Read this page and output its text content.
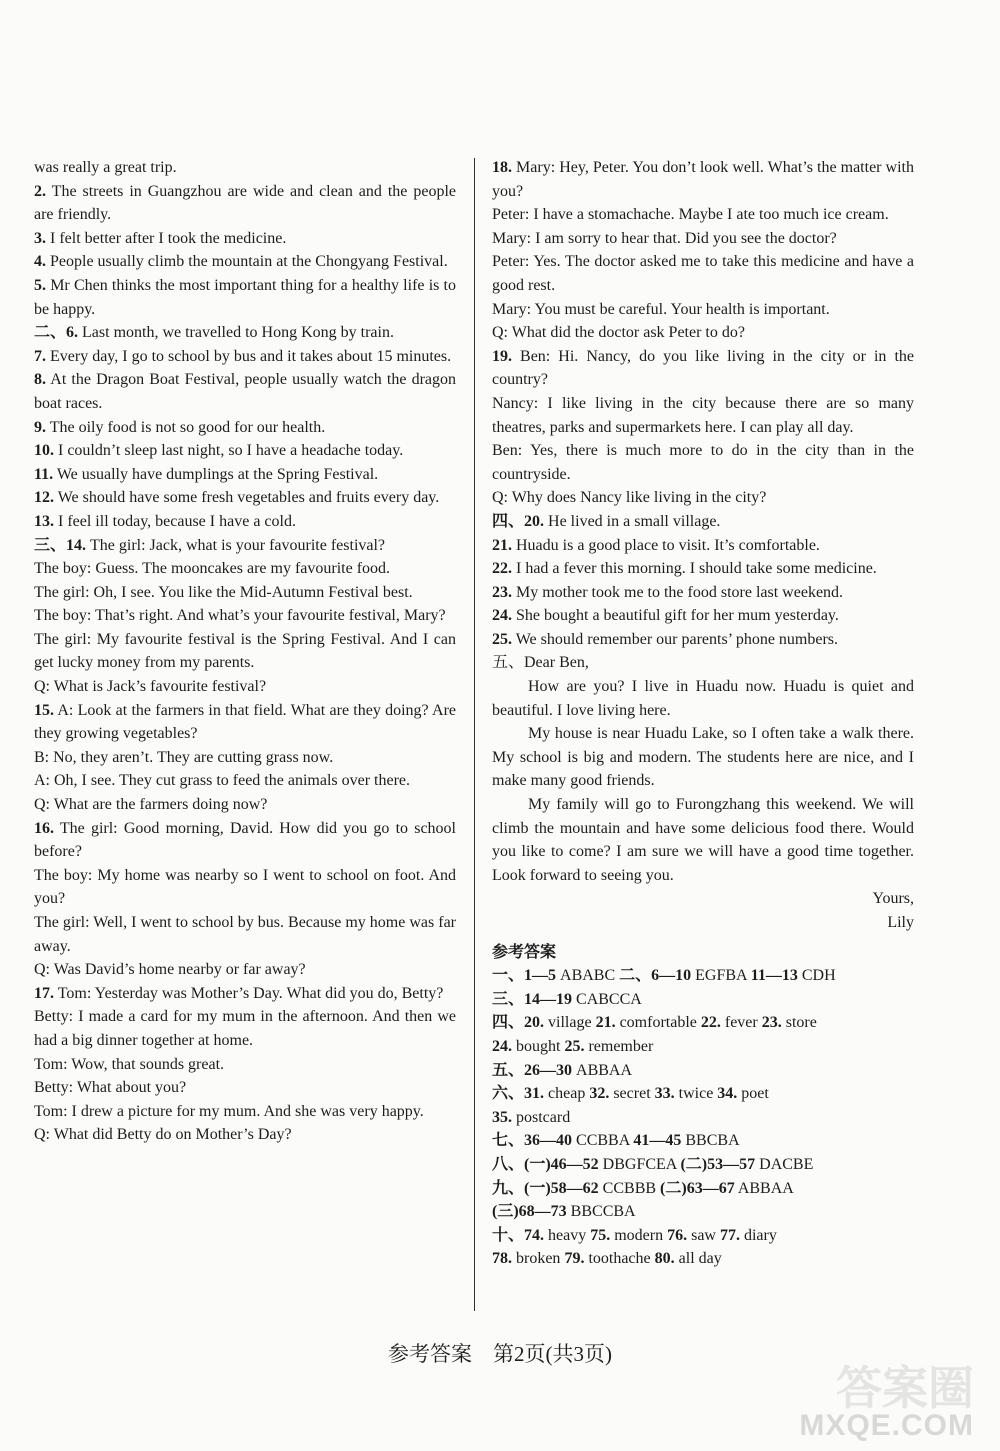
was really a great trip.
2. The streets in Guangzhou are wide and clean and the people are friendly.
3. I felt better after I took the medicine.
4. People usually climb the mountain at the Chongyang Festival.
5. Mr Chen thinks the most important thing for a healthy life is to be happy.
二、6. Last month, we travelled to Hong Kong by train.
7. Every day, I go to school by bus and it takes about 15 minutes.
8. At the Dragon Boat Festival, people usually watch the dragon boat races.
9. The oily food is not so good for our health.
10. I couldn’t sleep last night, so I have a headache today.
11. We usually have dumplings at the Spring Festival.
12. We should have some fresh vegetables and fruits every day.
13. I feel ill today, because I have a cold.
三、14. The girl: Jack, what is your favourite festival?
The boy: Guess. The mooncakes are my favourite food.
The girl: Oh, I see. You like the Mid-Autumn Festival best.
The boy: That’s right. And what’s your favourite festival, Mary?
The girl: My favourite festival is the Spring Festival. And I can get lucky money from my parents.
Q: What is Jack’s favourite festival?
15. A: Look at the farmers in that field. What are they doing? Are they growing vegetables?
B: No, they aren’t. They are cutting grass now.
A: Oh, I see. They cut grass to feed the animals over there.
Q: What are the farmers doing now?
16. The girl: Good morning, David. How did you go to school before?
The boy: My home was nearby so I went to school on foot. And you?
The girl: Well, I went to school by bus. Because my home was far away.
Q: Was David’s home nearby or far away?
17. Tom: Yesterday was Mother’s Day. What did you do, Betty?
Betty: I made a card for my mum in the afternoon. And then we had a big dinner together at home.
Tom: Wow, that sounds great.
Betty: What about you?
Tom: I drew a picture for my mum. And she was very happy.
Q: What did Betty do on Mother’s Day?
18. Mary: Hey, Peter. You don’t look well. What’s the matter with you?
Peter: I have a stomachache. Maybe I ate too much ice cream.
Mary: I am sorry to hear that. Did you see the doctor?
Peter: Yes. The doctor asked me to take this medicine and have a good rest.
Mary: You must be careful. Your health is important.
Q: What did the doctor ask Peter to do?
19. Ben: Hi. Nancy, do you like living in the city or in the country?
Nancy: I like living in the city because there are so many theatres, parks and supermarkets here. I can play all day.
Ben: Yes, there is much more to do in the city than in the countryside.
Q: Why does Nancy like living in the city?
四、20. He lived in a small village.
21. Huadu is a good place to visit. It’s comfortable.
22. I had a fever this morning. I should take some medicine.
23. My mother took me to the food store last weekend.
24. She bought a beautiful gift for her mum yesterday.
25. We should remember our parents’ phone numbers.
五、Dear Ben,
How are you? I live in Huadu now. Huadu is quiet and beautiful. I love living here.
My house is near Huadu Lake, so I often take a walk there. My school is big and modern. The students here are nice, and I make many good friends.
My family will go to Furongzhang this weekend. We will climb the mountain and have some delicious food there. Would you like to come? I am sure we will have a good time together. Look forward to seeing you.
Yours,
Lily
参考答案
一、1—5 ABABC 二、6—10 EGFBA 11—13 CDH
三、14—19 CABCCA
四、20. village 21. comfortable 22. fever 23. store
24. bought 25. remember
五、26—30 ABBAA
六、31. cheap 32. secret 33. twice 34. poet
35. postcard
七、36—40 CCBBA 41—45 BBCBA
八、(一)46—52 DBGFCEA (二)53—57 DACBE
九、(一)58—62 CCBBB (二)63—67 ABBAA
(三)68—73 BBCCBA
十、74. heavy 75. modern 76. saw 77. diary
78. broken 79. toothache 80. all day
参考答案　第2页(共3页)
答案圈
MXQE.COM
